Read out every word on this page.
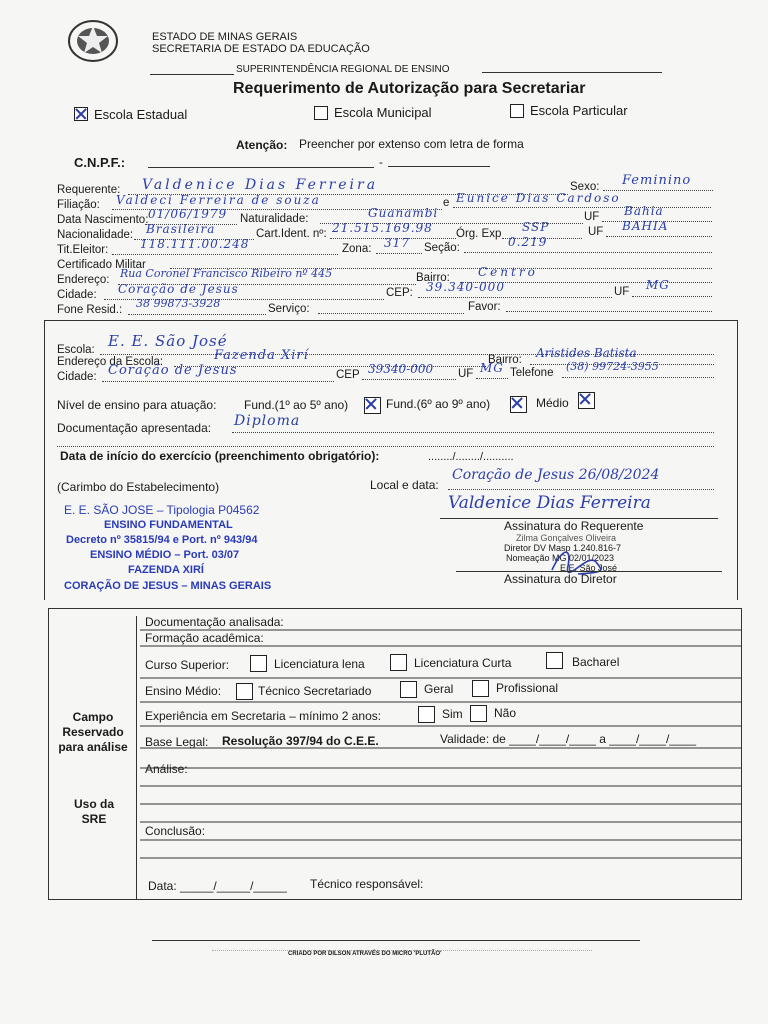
ESTADO DE MINAS GERAIS
SECRETARIA DE ESTADO DA EDUCAÇÃO
SUPERINTENDÊNCIA REGIONAL DE ENSINO
Requerimento de Autorização para Secretariar
Escola Estadual	Escola Municipal	Escola Particular
Atenção: Preencher por extenso com letra de forma
C.N.P.F.:	-
Requerente: Valdenice Dias Ferreira	Sexo: Feminino
Filiação: Valdeci Ferreira de souza	e Eunice Dias Cardoso
Data Nascimento: 01/06/1979 Naturalidade:	Guanambi	UF Bahia
Nacionalidade: Brasileira	Cart.Ident. nº: 21.515.169.98 Órg. Exp SSP	UF BAHIA
Tit.Eleitor:	118.111.00.248	Zona: 317 Seção:	0.219
Certificado Militar
Endereço: Rua Coronel Francisco Ribeiro nº 445	Bairro: Centro
Cidade: Coração de Jesus	CEP: 39.340-000	UF MG
Fone Resid.: 38 99873-3928	Serviço:	Favor:
Escola: E. E. São José
Endereço da Escola:	Fazenda Xirí	Bairro: Aristides Batista
Cidade: Coração de Jesus	CEP 39340-000 UF MG Telefone (38) 99724-3955
Nível de ensino para atuação: Fund.(1º ao 5º ano)	Fund.(6º ao 9º ano)	Médio
Documentação apresentada: Diploma
Data de início do exercício (preenchimento obrigatório):	......../......../..........
(Carimbo do Estabelecimento)	Local e data:
Coração de Jesus 26/08/2024
E. E. SÃO JOSE – Tipologia P04562
ENSINO FUNDAMENTAL
Decreto nº 35815/94 e Port. nº 943/94
ENSINO MÉDIO – Port. 03/07
FAZENDA XIRÍ
CORAÇÃO DE JESUS – MINAS GERAIS
Valdenice Dias Ferreira
Assinatura do Requerente
Zilma Gonçalves Oliveira
Diretor DV Masp 1.240.816-7
Nomeação MG 02/01/2023
E.E. São José
Assinatura do Diretor
Campo Reservado para análise
Uso da SRE
Documentação analisada:
Formação acadêmica:
Curso Superior:	Licenciatura lena	Licenciatura Curta	Bacharel
Ensino Médio:	Técnico Secretariado	Geral	Profissional
Experiência em Secretaria – mínimo 2 anos:	Sim	Não
Base Legal: Resolução 397/94 do C.E.E.	Validade: de ____/____/____ a ____/____/____
Análise:
Conclusão:
Data: _____/_____/_____ Técnico responsável:
CRIADO POR DILSON ATRAVÉS DO MICRO 'PLUTÃO'
